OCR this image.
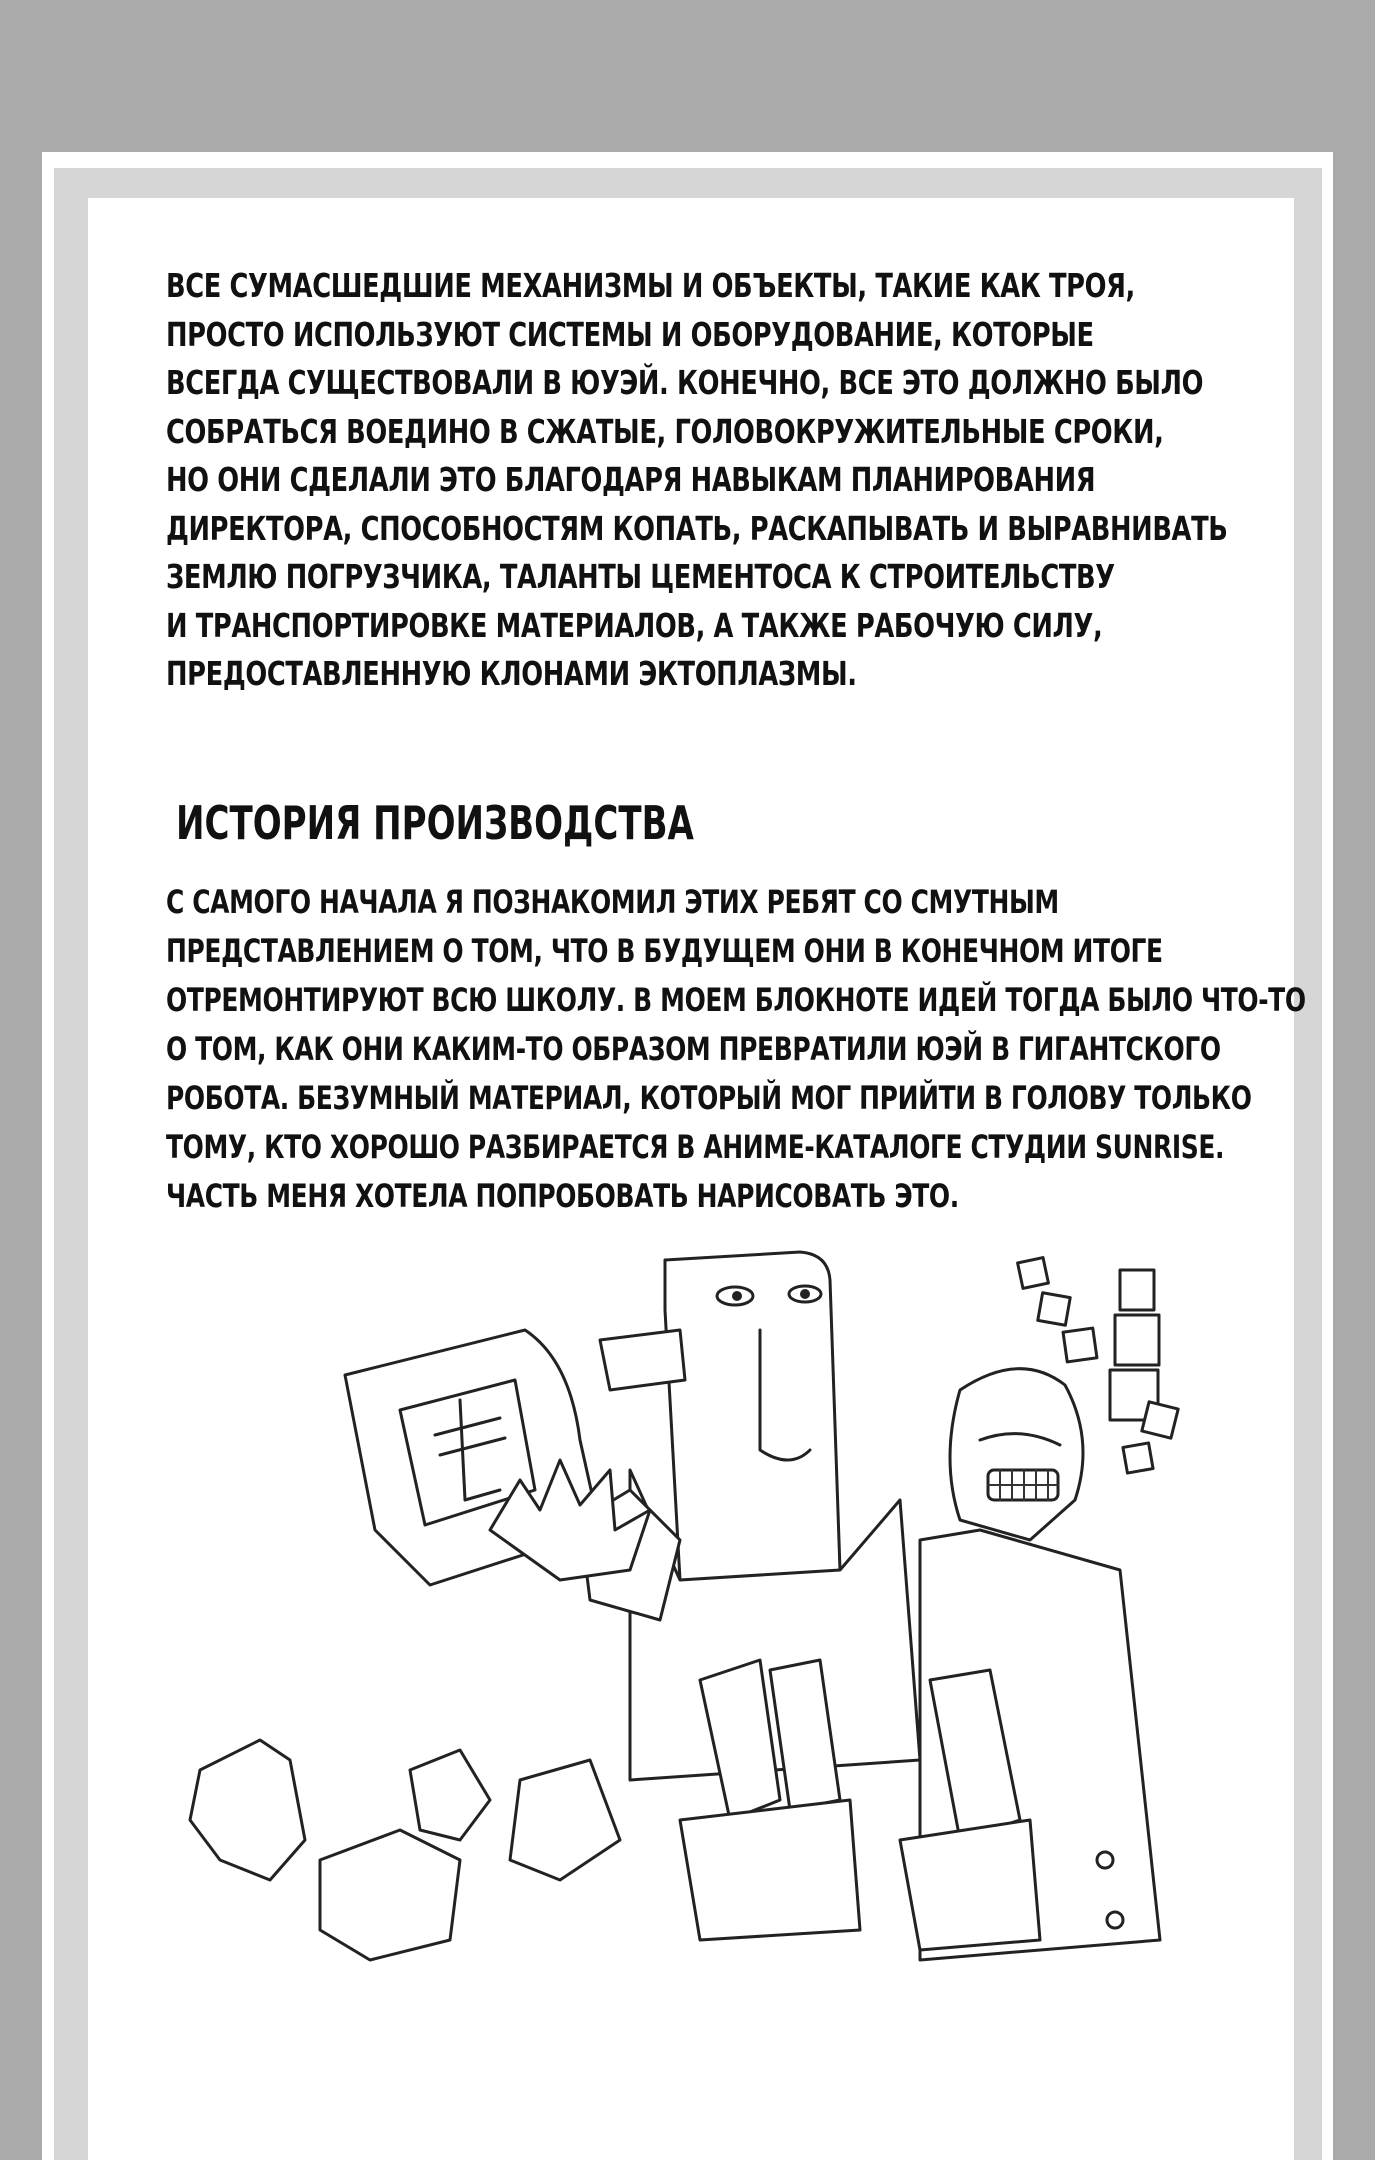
ВСЕ СУМАСШЕДШИЕ МЕХАНИЗМЫ И ОБЪЕКТЫ, ТАКИЕ КАК ТРОЯ,

ПРОСТО ИСПОЛЬЗУЮТ СИСТЕМЫ И ОБОРУДОВАНИЕ, КОТОРЫЕ

ВСЕГДА СУЩЕСТВОВАЛИ В ЮУЭЙ. КОНЕЧНО, ВСЕ ЭТО ДОЛЖНО БЫЛО

СОБРАТЬСЯ ВОЕДИНО В СЖАТЫЕ, ГОЛОВОКРУЖИТЕЛЬНЫЕ СРОКИ,

НО ОНИ СДЕЛАЛИ ЭТО БЛАГОДАРЯ НАВЫКАМ ПЛАНИРОВАНИЯ

ДИРЕКТОРА, СПОСОБНОСТЯМ КОПАТЬ, РАСКАПЫВАТЬ И ВЫРАВНИВАТЬ

ЗЕМЛЮ ПОГРУЗЧИКА, ТАЛАНТЫ ЦЕМЕНТОСА К СТРОИТЕЛЬСТВУ

И ТРАНСПОРТИРОВКЕ МАТЕРИАЛОВ, А ТАКЖЕ РАБОЧУЮ СИЛУ,

ПРЕДОСТАВЛЕННУЮ КЛОНАМИ ЭКТОПЛАЗМЫ.

ИСТОРИЯ ПРОИЗВОДСТВА

С САМОГО НАЧАЛА Я ПОЗНАКОМИЛ ЭТИХ РЕБЯТ СО СМУТНЫМ

ПРЕДСТАВЛЕНИЕМ О ТОМ, ЧТО В БУДУЩЕМ ОНИ В КОНЕЧНОМ ИТОГЕ

ОТРЕМОНТИРУЮТ ВСЮ ШКОЛУ. В МОЕМ БЛОКНОТЕ ИДЕЙ ТОГДА БЫЛО ЧТО-ТО

О ТОМ, КАК ОНИ КАКИМ-ТО ОБРАЗОМ ПРЕВРАТИЛИ ЮЭЙ В ГИГАНТСКОГО

РОБОТА. БЕЗУМНЫЙ МАТЕРИАЛ, КОТОРЫЙ МОГ ПРИЙТИ В ГОЛОВУ ТОЛЬКО

ТОМУ, КТО ХОРОШО РАЗБИРАЕТСЯ В АНИМЕ-КАТАЛОГЕ СТУДИИ SUNRISE.

ЧАСТЬ МЕНЯ ХОТЕЛА ПОПРОБОВАТЬ НАРИСОВАТЬ ЭТО.
